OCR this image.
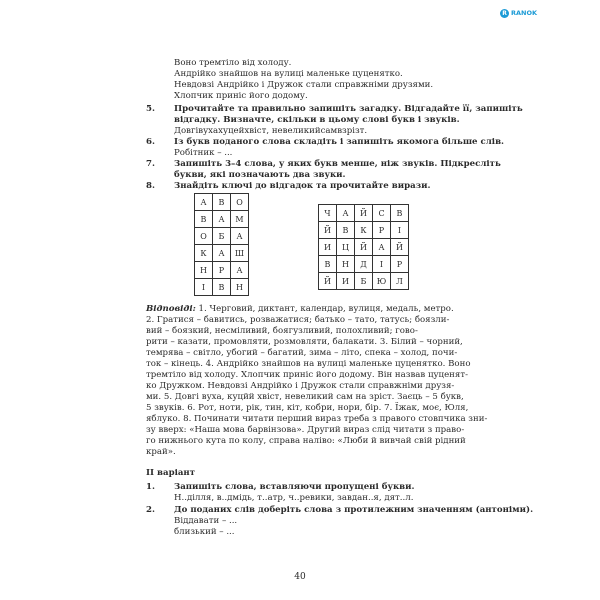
R RANOK
Воно тремтіло від холоду.
Андрійко знайшов на вулиці маленьке цуценятко.
Невдовзі Андрійко і Дружок стали справжніми друзями.
Хлопчик приніс його додому.
5. Прочитайте та правильно запишіть загадку. Відгадайте її, запишіть
відгадку. Визначте, скільки в цьому слові букв і звуків.
Довгівухахуцейхвіст, невеликийсамвзрізт.
6. Із букв поданого слова складіть і запишіть якомога більше слів.
Робітник – ...
7. Запишіть 3–4 слова, у яких букв менше, ніж звуків. Підкресліть
букви, які позначають два звуки.
8. Знайдіть ключі до відгадок та прочитайте вирази.
А	В	О
В	А	М
О	Б	А
К	А	Ш
Н	Р	А
І	В	Н
Ч	А	Й	С	В
Й	В	К	Р	І
И	Ц	Й	А	Й
В	Н	Д	І	Р
Й	И	Б	Ю	Л
Відповіді: 1. Черговий, диктант, календар, вулиця, медаль, метро.
2. Гратися – бавитись, розважатися; батько – тато, татусь; боязли-
вий – боязкий, несміливий, боягузливий, полохливий; гово-
рити – казати, промовляти, розмовляти, балакати. 3. Білий – чорний,
темрява – світло, убогий – багатий, зима – літо, спека – холод, почи-
ток – кінець. 4. Андрійко знайшов на вулиці маленьке цуценятко. Воно
тремтіло від холоду. Хлопчик приніс його додому. Він назвав цуценят-
ко Дружком. Невдовзі Андрійко і Дружок стали справжніми друзя-
ми. 5. Довгі вуха, куцйй хвіст, невеликий сам на зріст. Заєць – 5 букв,
5 звуків. 6. Рот, ноти, рік, тин, кіт, кобри, нори, бір. 7. Їжак, моє, Юля,
яблуко. 8. Починати читати перший вираз треба з правого стовпчика зни-
зу вверх: «Наша мова барвінзова». Другий вираз слід читати з право-
го нижнього кута по колу, справа наліво: «Люби й вивчай свій рідний
край».
ІІ варіант
1. Запишіть слова, вставляючи пропущені букви.
Н..ділля, в..дмідь, т..атр, ч..ревики, завдан..я, дят..л.
2. До поданих слів доберіть слова з протилежним значенням (антоніми).
Віддавати – ...
близький – ...
40
